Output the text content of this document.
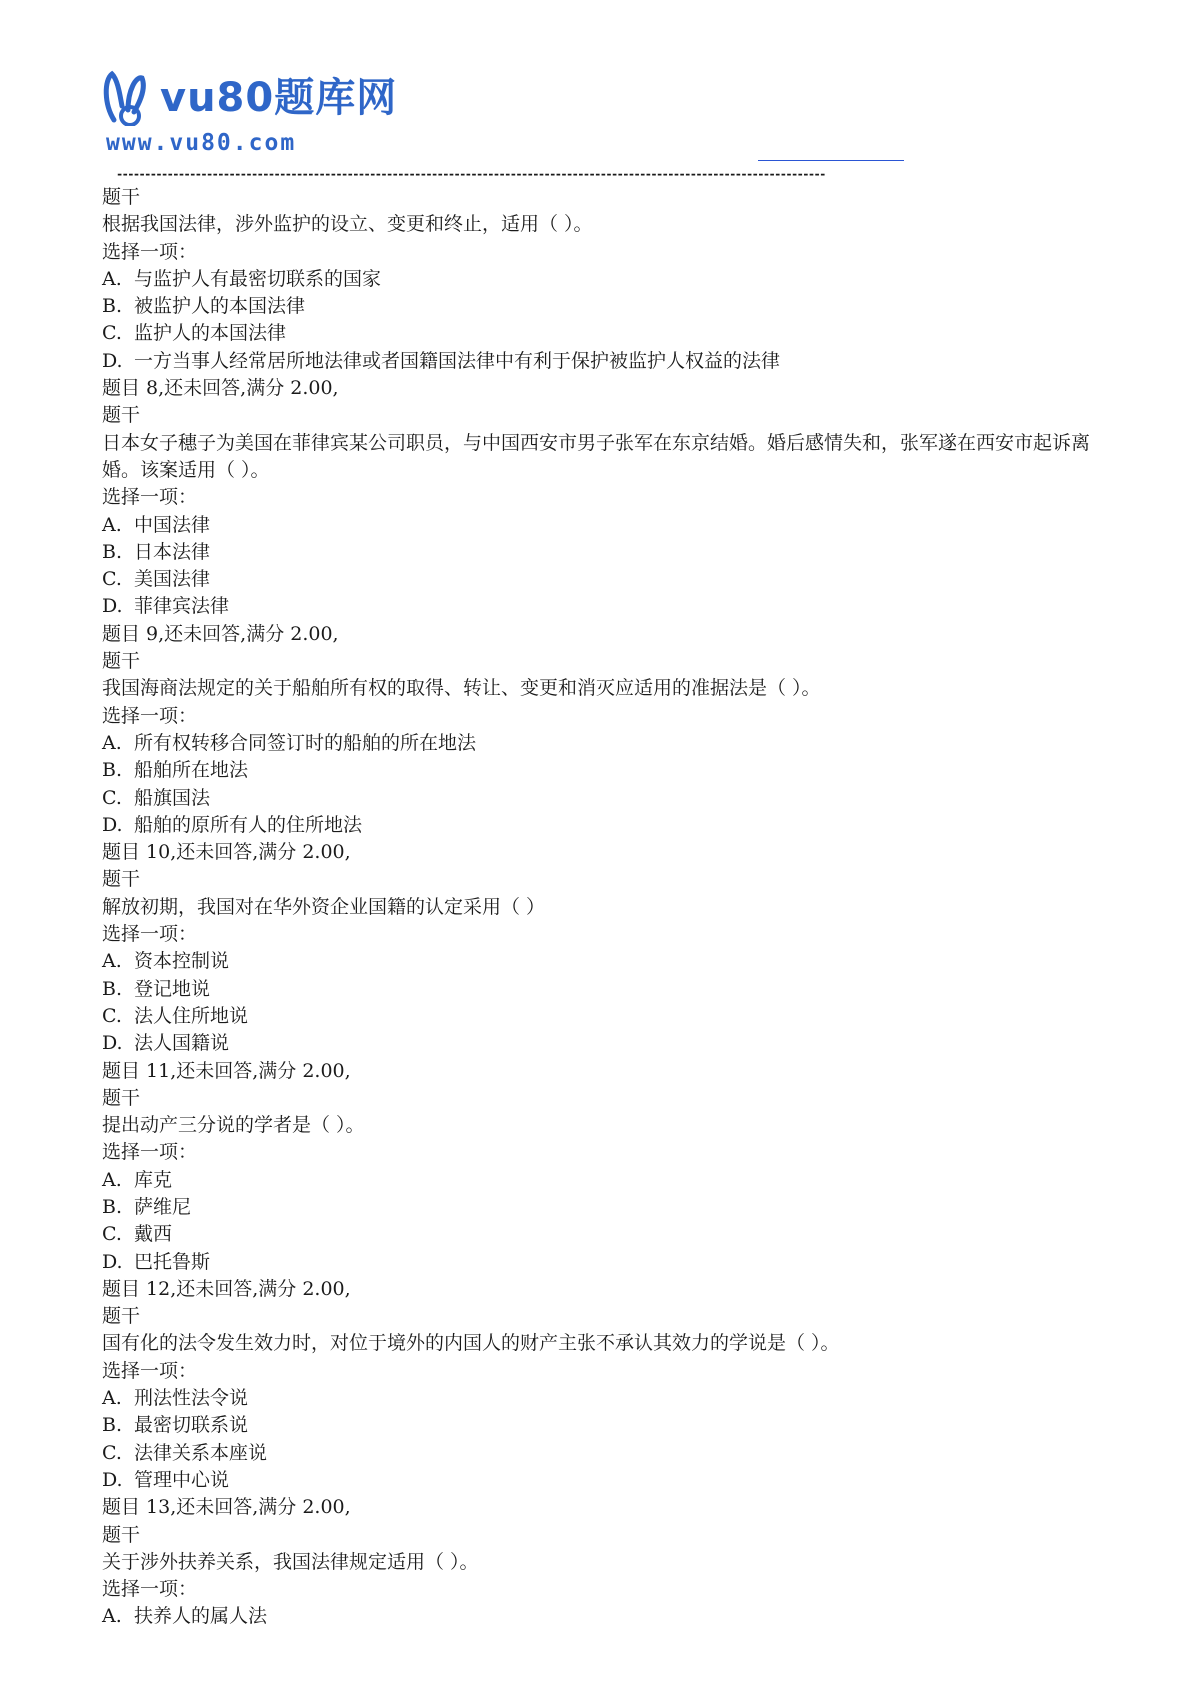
vu80题库网
www.vu80.com
------------------------------------------------------------------------------------------------------------------------------
题干
根据我国法律，涉外监护的设立、变更和终止，适用（ ）。
选择一项：
A. 与监护人有最密切联系的国家
B. 被监护人的本国法律
C. 监护人的本国法律
D. 一方当事人经常居所地法律或者国籍国法律中有利于保护被监护人权益的法律
题目 8,还未回答,满分 2.00,
题干
日本女子穗子为美国在菲律宾某公司职员，与中国西安市男子张军在东京结婚。婚后感情失和，张军遂在西安市起诉离婚。该案适用（ ）。
选择一项：
A. 中国法律
B. 日本法律
C. 美国法律
D. 菲律宾法律
题目 9,还未回答,满分 2.00,
题干
我国海商法规定的关于船舶所有权的取得、转让、变更和消灭应适用的准据法是（ ）。
选择一项：
A. 所有权转移合同签订时的船舶的所在地法
B. 船舶所在地法
C. 船旗国法
D. 船舶的原所有人的住所地法
题目 10,还未回答,满分 2.00,
题干
解放初期，我国对在华外资企业国籍的认定采用（ ）
选择一项：
A. 资本控制说
B. 登记地说
C. 法人住所地说
D. 法人国籍说
题目 11,还未回答,满分 2.00,
题干
提出动产三分说的学者是（ ）。
选择一项：
A. 库克
B. 萨维尼
C. 戴西
D. 巴托鲁斯
题目 12,还未回答,满分 2.00,
题干
国有化的法令发生效力时，对位于境外的内国人的财产主张不承认其效力的学说是（ ）。
选择一项：
A. 刑法性法令说
B. 最密切联系说
C. 法律关系本座说
D. 管理中心说
题目 13,还未回答,满分 2.00,
题干
关于涉外扶养关系，我国法律规定适用（ ）。
选择一项：
A. 扶养人的属人法
